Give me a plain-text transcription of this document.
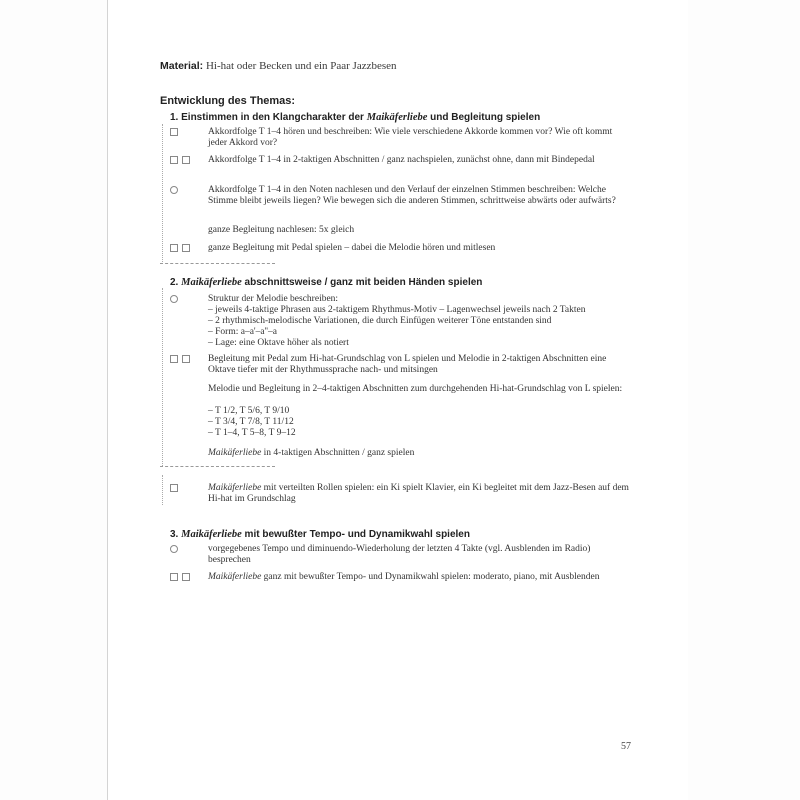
Material: Hi-hat oder Becken und ein Paar Jazzbesen
Entwicklung des Themas:
1. Einstimmen in den Klangcharakter der Maikäferliebe und Begleitung spielen
Akkordfolge T 1–4 hören und beschreiben: Wie viele verschiedene Akkorde kommen vor? Wie oft kommt jeder Akkord vor?
Akkordfolge T 1–4 in 2-taktigen Abschnitten / ganz nachspielen, zunächst ohne, dann mit Bindepedal
Akkordfolge T 1–4 in den Noten nachlesen und den Verlauf der einzelnen Stimmen beschreiben: Welche Stimme bleibt jeweils liegen? Wie bewegen sich die anderen Stimmen, schrittweise abwärts oder aufwärts?
ganze Begleitung nachlesen: 5x gleich
ganze Begleitung mit Pedal spielen – dabei die Melodie hören und mitlesen
2. Maikäferliebe abschnittsweise / ganz mit beiden Händen spielen
Struktur der Melodie beschreiben:
– jeweils 4-taktige Phrasen aus 2-taktigem Rhythmus-Motiv – Lagenwechsel jeweils nach 2 Takten
– 2 rhythmisch-melodische Variationen, die durch Einfügen weiterer Töne entstanden sind
– Form: a–a'–a''–a
– Lage: eine Oktave höher als notiert
Begleitung mit Pedal zum Hi-hat-Grundschlag von L spielen und Melodie in 2-taktigen Abschnitten eine Oktave tiefer mit der Rhythmussprache nach- und mitsingen
Melodie und Begleitung in 2–4-taktigen Abschnitten zum durchgehenden Hi-hat-Grundschlag von L spielen:
– T 1/2, T 5/6, T 9/10
– T 3/4, T 7/8, T 11/12
– T 1–4, T 5–8, T 9–12
Maikäferliebe in 4-taktigen Abschnitten / ganz spielen
Maikäferliebe mit verteilten Rollen spielen: ein Ki spielt Klavier, ein Ki begleitet mit dem Jazz-Besen auf dem Hi-hat im Grundschlag
3. Maikäferliebe mit bewußter Tempo- und Dynamikwahl spielen
vorgegebenes Tempo und diminuendo-Wiederholung der letzten 4 Takte (vgl. Ausblenden im Radio) besprechen
Maikäferliebe ganz mit bewußter Tempo- und Dynamikwahl spielen: moderato, piano, mit Ausblenden
57
